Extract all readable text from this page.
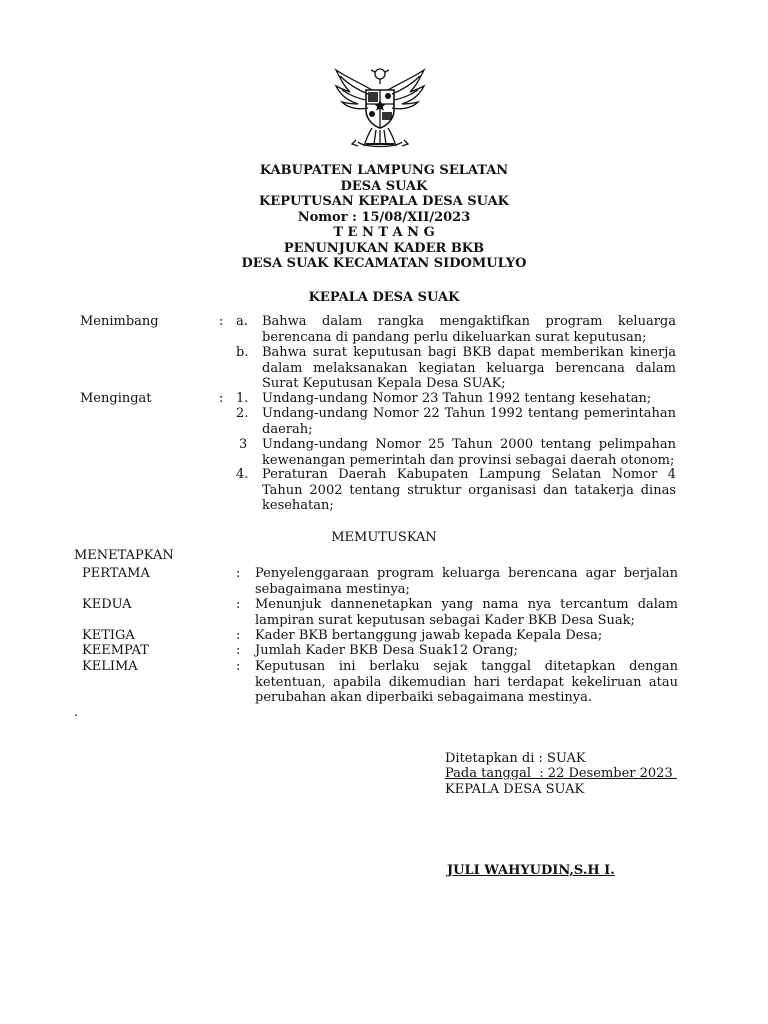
KABUPATEN LAMPUNG SELATAN
DESA SUAK
KEPUTUSAN KEPALA DESA SUAK
Nomor : 15/08/XII/2023
T E N T A N G
PENUNJUKAN KADER BKB
DESA SUAK KECAMATAN SIDOMULYO
KEPALA DESA SUAK
Menimbang	: a.	Bahwa dalam rangka mengaktifkan program keluarga
berencana di pandang perlu dikeluarkan surat keputusan;
b.	Bahwa surat keputusan bagi BKB dapat memberikan kinerja
dalam melaksanakan kegiatan keluarga berencana dalam
Surat Keputusan Kepala Desa SUAK;
Mengingat	: 1.	Undang-undang Nomor 23 Tahun 1992 tentang kesehatan;
2.	Undang-undang Nomor 22 Tahun 1992 tentang pemerintahan
daerah;
3	Undang-undang Nomor 25 Tahun 2000 tentang pelimpahan
kewenangan pemerintah dan provinsi sebagai daerah otonom;
4.	Peraturan Daerah Kabupaten Lampung Selatan Nomor 4
Tahun 2002 tentang struktur organisasi dan tatakerja dinas
kesehatan;
MEMUTUSKAN
MENETAPKAN
PERTAMA	: Penyelenggaraan program keluarga berencana agar berjalan
sebagaimana mestinya;
KEDUA	: Menunjuk dannenetapkan yang nama nya tercantum dalam
lampiran surat keputusan sebagai Kader BKB Desa Suak;
KETIGA	: Kader BKB bertanggung jawab kepada Kepala Desa;
KEEMPAT	: Jumlah Kader BKB Desa Suak12 Orang;
KELIMA	: Keputusan ini berlaku sejak tanggal ditetapkan dengan
ketentuan, apabila dikemudian hari terdapat kekeliruan atau
perubahan akan diperbaiki sebagaimana mestinya.
.
Ditetapkan di : SUAK
Pada tanggal  : 22 Desember 2023
KEPALA DESA SUAK
JULI WAHYUDIN,S.H I.
